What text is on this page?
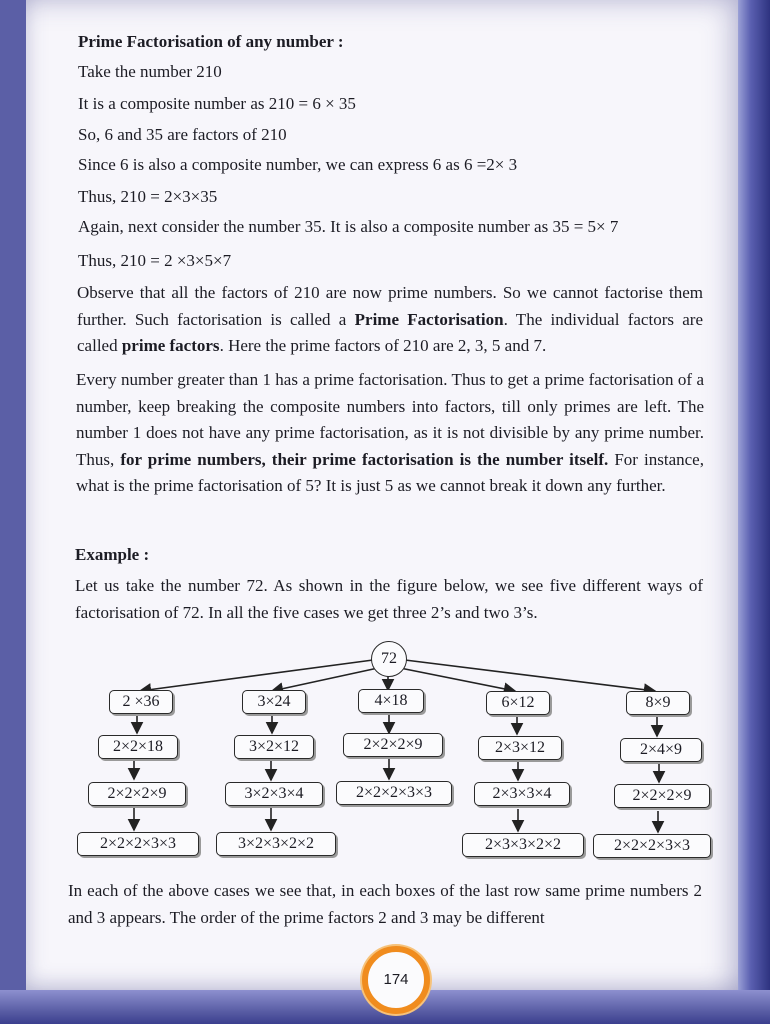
Prime Factorisation of any number :
Take the number 210
It is a composite number as 210 = 6 × 35
So, 6 and 35 are factors of 210
Since 6 is also a composite number, we can express 6 as 6 =2× 3
Thus, 210 = 2×3×35
Again, next consider the number 35. It is also a composite number as 35 = 5× 7
Thus, 210 = 2 ×3×5×7
Observe that all the factors of 210 are now prime numbers. So we cannot factorise them further. Such factorisation is called a Prime Factorisation. The individual factors are called prime factors. Here the prime factors of 210 are 2, 3, 5 and 7.
Every number greater than 1 has a prime factorisation. Thus to get a prime factorisation of a number, keep breaking the composite numbers into factors, till only primes are left. The number 1 does not have any prime factorisation, as it is not divisible by any prime number. Thus, for prime numbers, their prime factorisation is the number itself. For instance, what is the prime factorisation of 5? It is just 5 as we cannot break it down any further.
Example :
Let us take the number 72. As shown in the figure below, we see five different ways of factorisation of 72. In all the five cases we get three 2’s and two 3’s.
72
2 ×36	3×24	4×18	6×12	8×9
2×2×18	3×2×12	2×2×2×9	2×3×12	2×4×9
2×2×2×9	3×2×3×4	2×2×2×3×3	2×3×3×4	2×2×2×9
2×2×2×3×3	3×2×3×2×2	2×3×3×2×2	2×2×2×3×3
In each of the above cases we see that, in each boxes of the last row same prime numbers 2 and 3 appears. The order of the prime factors 2 and 3 may be different
174
